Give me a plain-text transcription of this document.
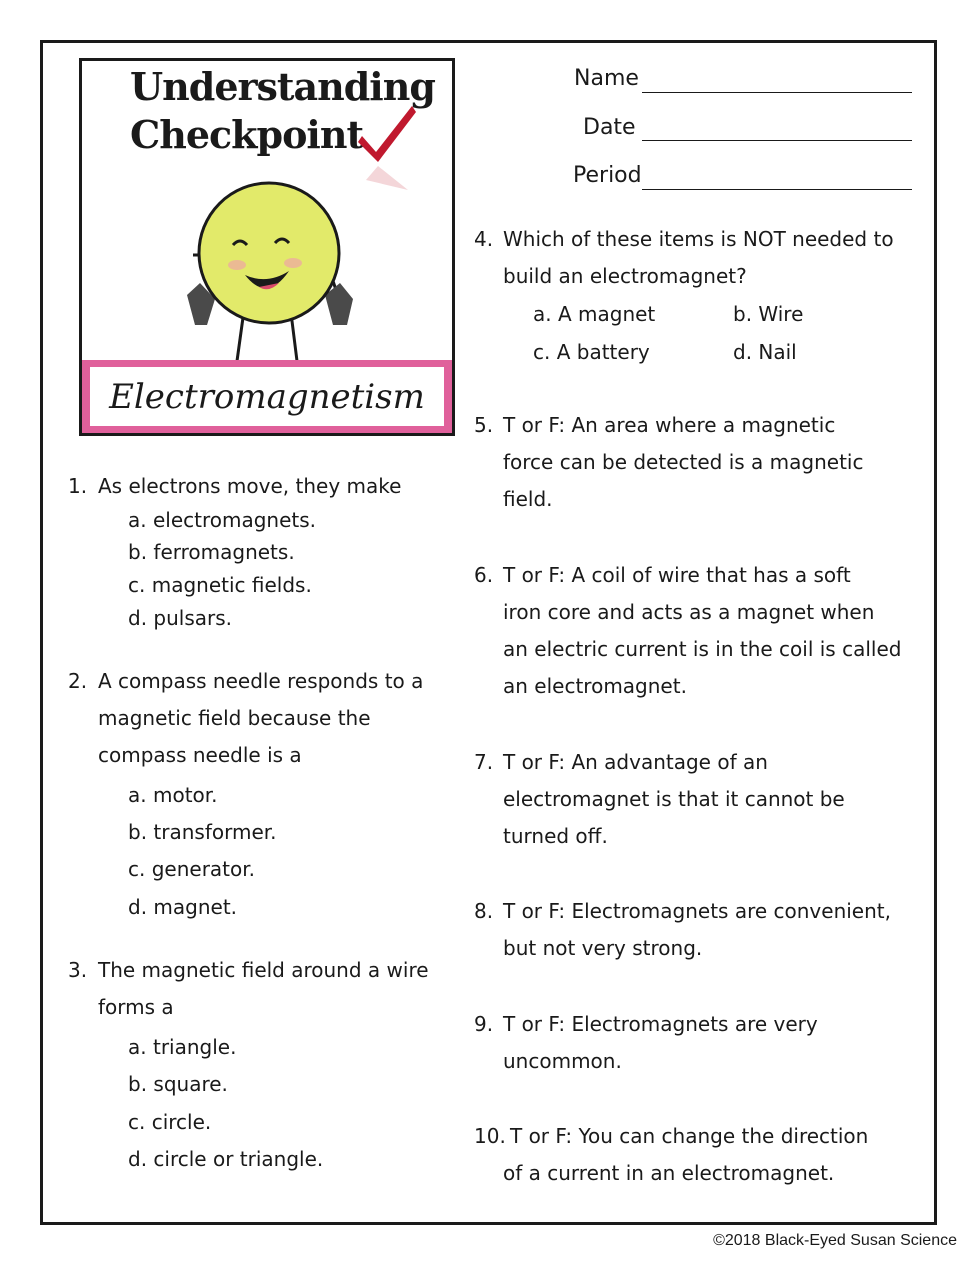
Understanding
Checkpoint
Electromagnetism
Name
Date
Period
1. As electrons move, they make
a. electromagnets.
b. ferromagnets.
c. magnetic fields.
d. pulsars.
2. A compass needle responds to a
magnetic field because the
compass needle is a
a. motor.
b. transformer.
c. generator.
d. magnet.
3. The magnetic field around a wire
forms a
a. triangle.
b. square.
c. circle.
d. circle or triangle.
4. Which of these items is NOT needed to
build an electromagnet?
a. A magnet	b. Wire
c. A battery	d. Nail
5. T or F: An area where a magnetic
force can be detected is a magnetic
field.
6. T or F: A coil of wire that has a soft
iron core and acts as a magnet when
an electric current is in the coil is called
an electromagnet.
7. T or F: An advantage of an
electromagnet is that it cannot be
turned off.
8. T or F: Electromagnets are convenient,
but not very strong.
9. T or F: Electromagnets are very
uncommon.
10. T or F: You can change the direction
of a current in an electromagnet.
©2018 Black-Eyed Susan Science
